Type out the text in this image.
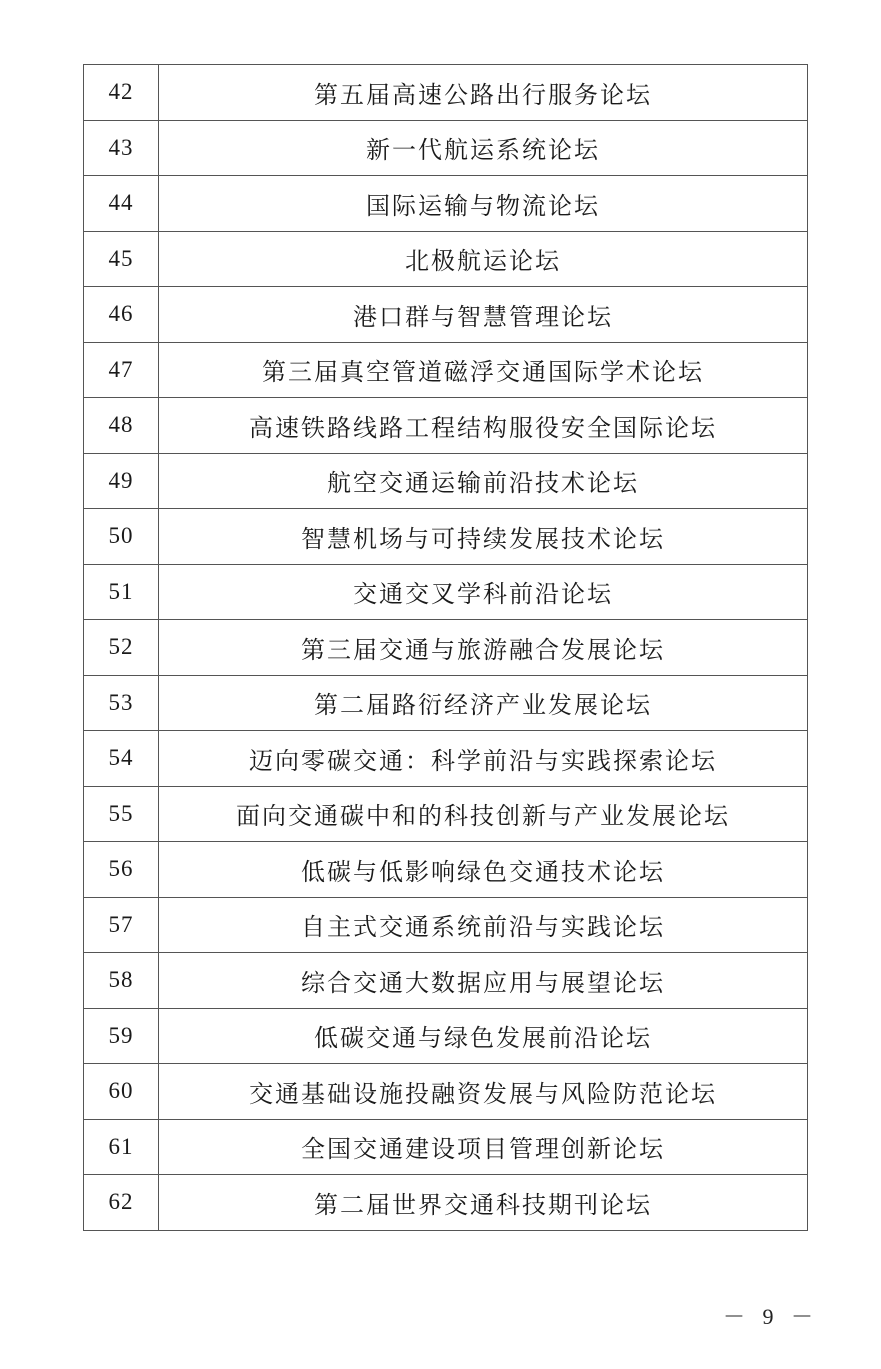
42	第五届高速公路出行服务论坛
43	新一代航运系统论坛
44	国际运输与物流论坛
45	北极航运论坛
46	港口群与智慧管理论坛
47	第三届真空管道磁浮交通国际学术论坛
48	高速铁路线路工程结构服役安全国际论坛
49	航空交通运输前沿技术论坛
50	智慧机场与可持续发展技术论坛
51	交通交叉学科前沿论坛
52	第三届交通与旅游融合发展论坛
53	第二届路衍经济产业发展论坛
54	迈向零碳交通：科学前沿与实践探索论坛
55	面向交通碳中和的科技创新与产业发展论坛
56	低碳与低影响绿色交通技术论坛
57	自主式交通系统前沿与实践论坛
58	综合交通大数据应用与展望论坛
59	低碳交通与绿色发展前沿论坛
60	交通基础设施投融资发展与风险防范论坛
61	全国交通建设项目管理创新论坛
62	第二届世界交通科技期刊论坛
－ 9 －
